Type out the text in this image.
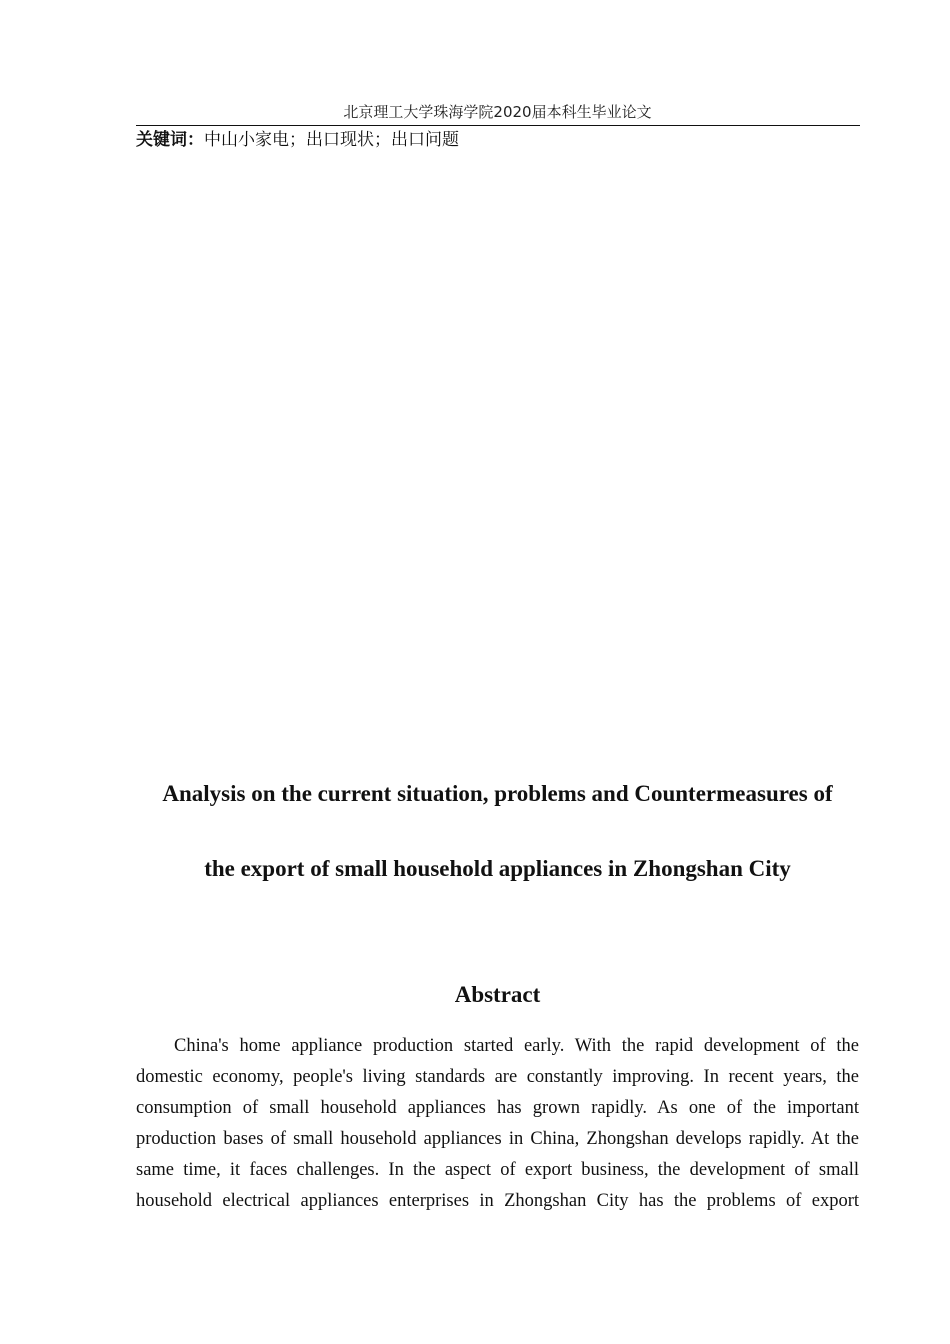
北京理工大学珠海学院2020届本科生毕业论文
关键词：中山小家电；出口现状；出口问题
Analysis on the current situation, problems and Countermeasures of
the export of small household appliances in Zhongshan City
Abstract
China's home appliance production started early. With the rapid development of the
domestic economy, people's living standards are constantly improving. In recent years, the
consumption of small household appliances has grown rapidly. As one of the important
production bases of small household appliances in China, Zhongshan develops rapidly. At the
same time, it faces challenges. In the aspect of export business, the development of small
household electrical appliances enterprises in Zhongshan City has the problems of export
